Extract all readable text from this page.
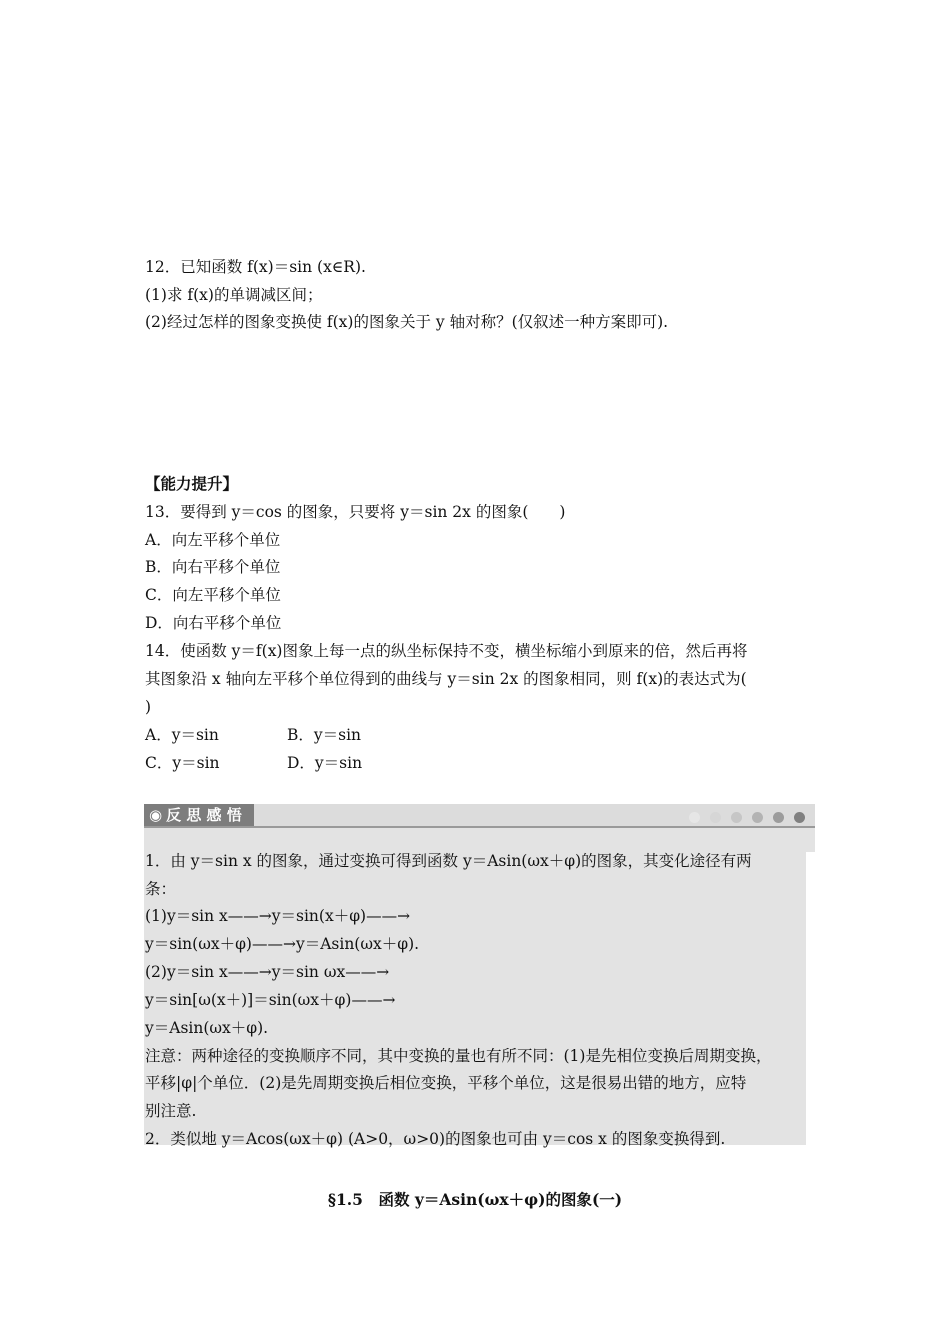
12．已知函数 f(x)＝sin (x∈R).
(1)求 f(x)的单调减区间；
(2)经过怎样的图象变换使 f(x)的图象关于 y 轴对称？(仅叙述一种方案即可).
【能力提升】
13．要得到 y＝cos 的图象，只要将 y＝sin 2x 的图象(　　)
A．向左平移个单位
B．向右平移个单位
C．向左平移个单位
D．向右平移个单位
14．使函数 y＝f(x)图象上每一点的纵坐标保持不变，横坐标缩小到原来的倍，然后再将
其图象沿 x 轴向左平移个单位得到的曲线与 y＝sin 2x 的图象相同，则 f(x)的表达式为(
)
A．y＝sin	B．y＝sin
C．y＝sin	D．y＝sin
◉ 反 思 感 悟
1．由 y＝sin x 的图象，通过变换可得到函数 y＝Asin(ωx＋φ)的图象，其变化途径有两
条：
(1)y＝sin x——→y＝sin(x＋φ)——→
y＝sin(ωx＋φ)——→y＝Asin(ωx＋φ).
(2)y＝sin x——→y＝sin ωx——→
y＝sin[ω(x＋)]＝sin(ωx＋φ)——→
y＝Asin(ωx＋φ).
注意：两种途径的变换顺序不同，其中变换的量也有所不同：(1)是先相位变换后周期变换，
平移|φ|个单位．(2)是先周期变换后相位变换，平移个单位，这是很易出错的地方，应特
别注意.
2．类似地 y＝Acos(ωx＋φ) (A>0，ω>0)的图象也可由 y＝cos x 的图象变换得到.
§1.5　函数 y＝Asin(ωx＋φ)的图象(一)
